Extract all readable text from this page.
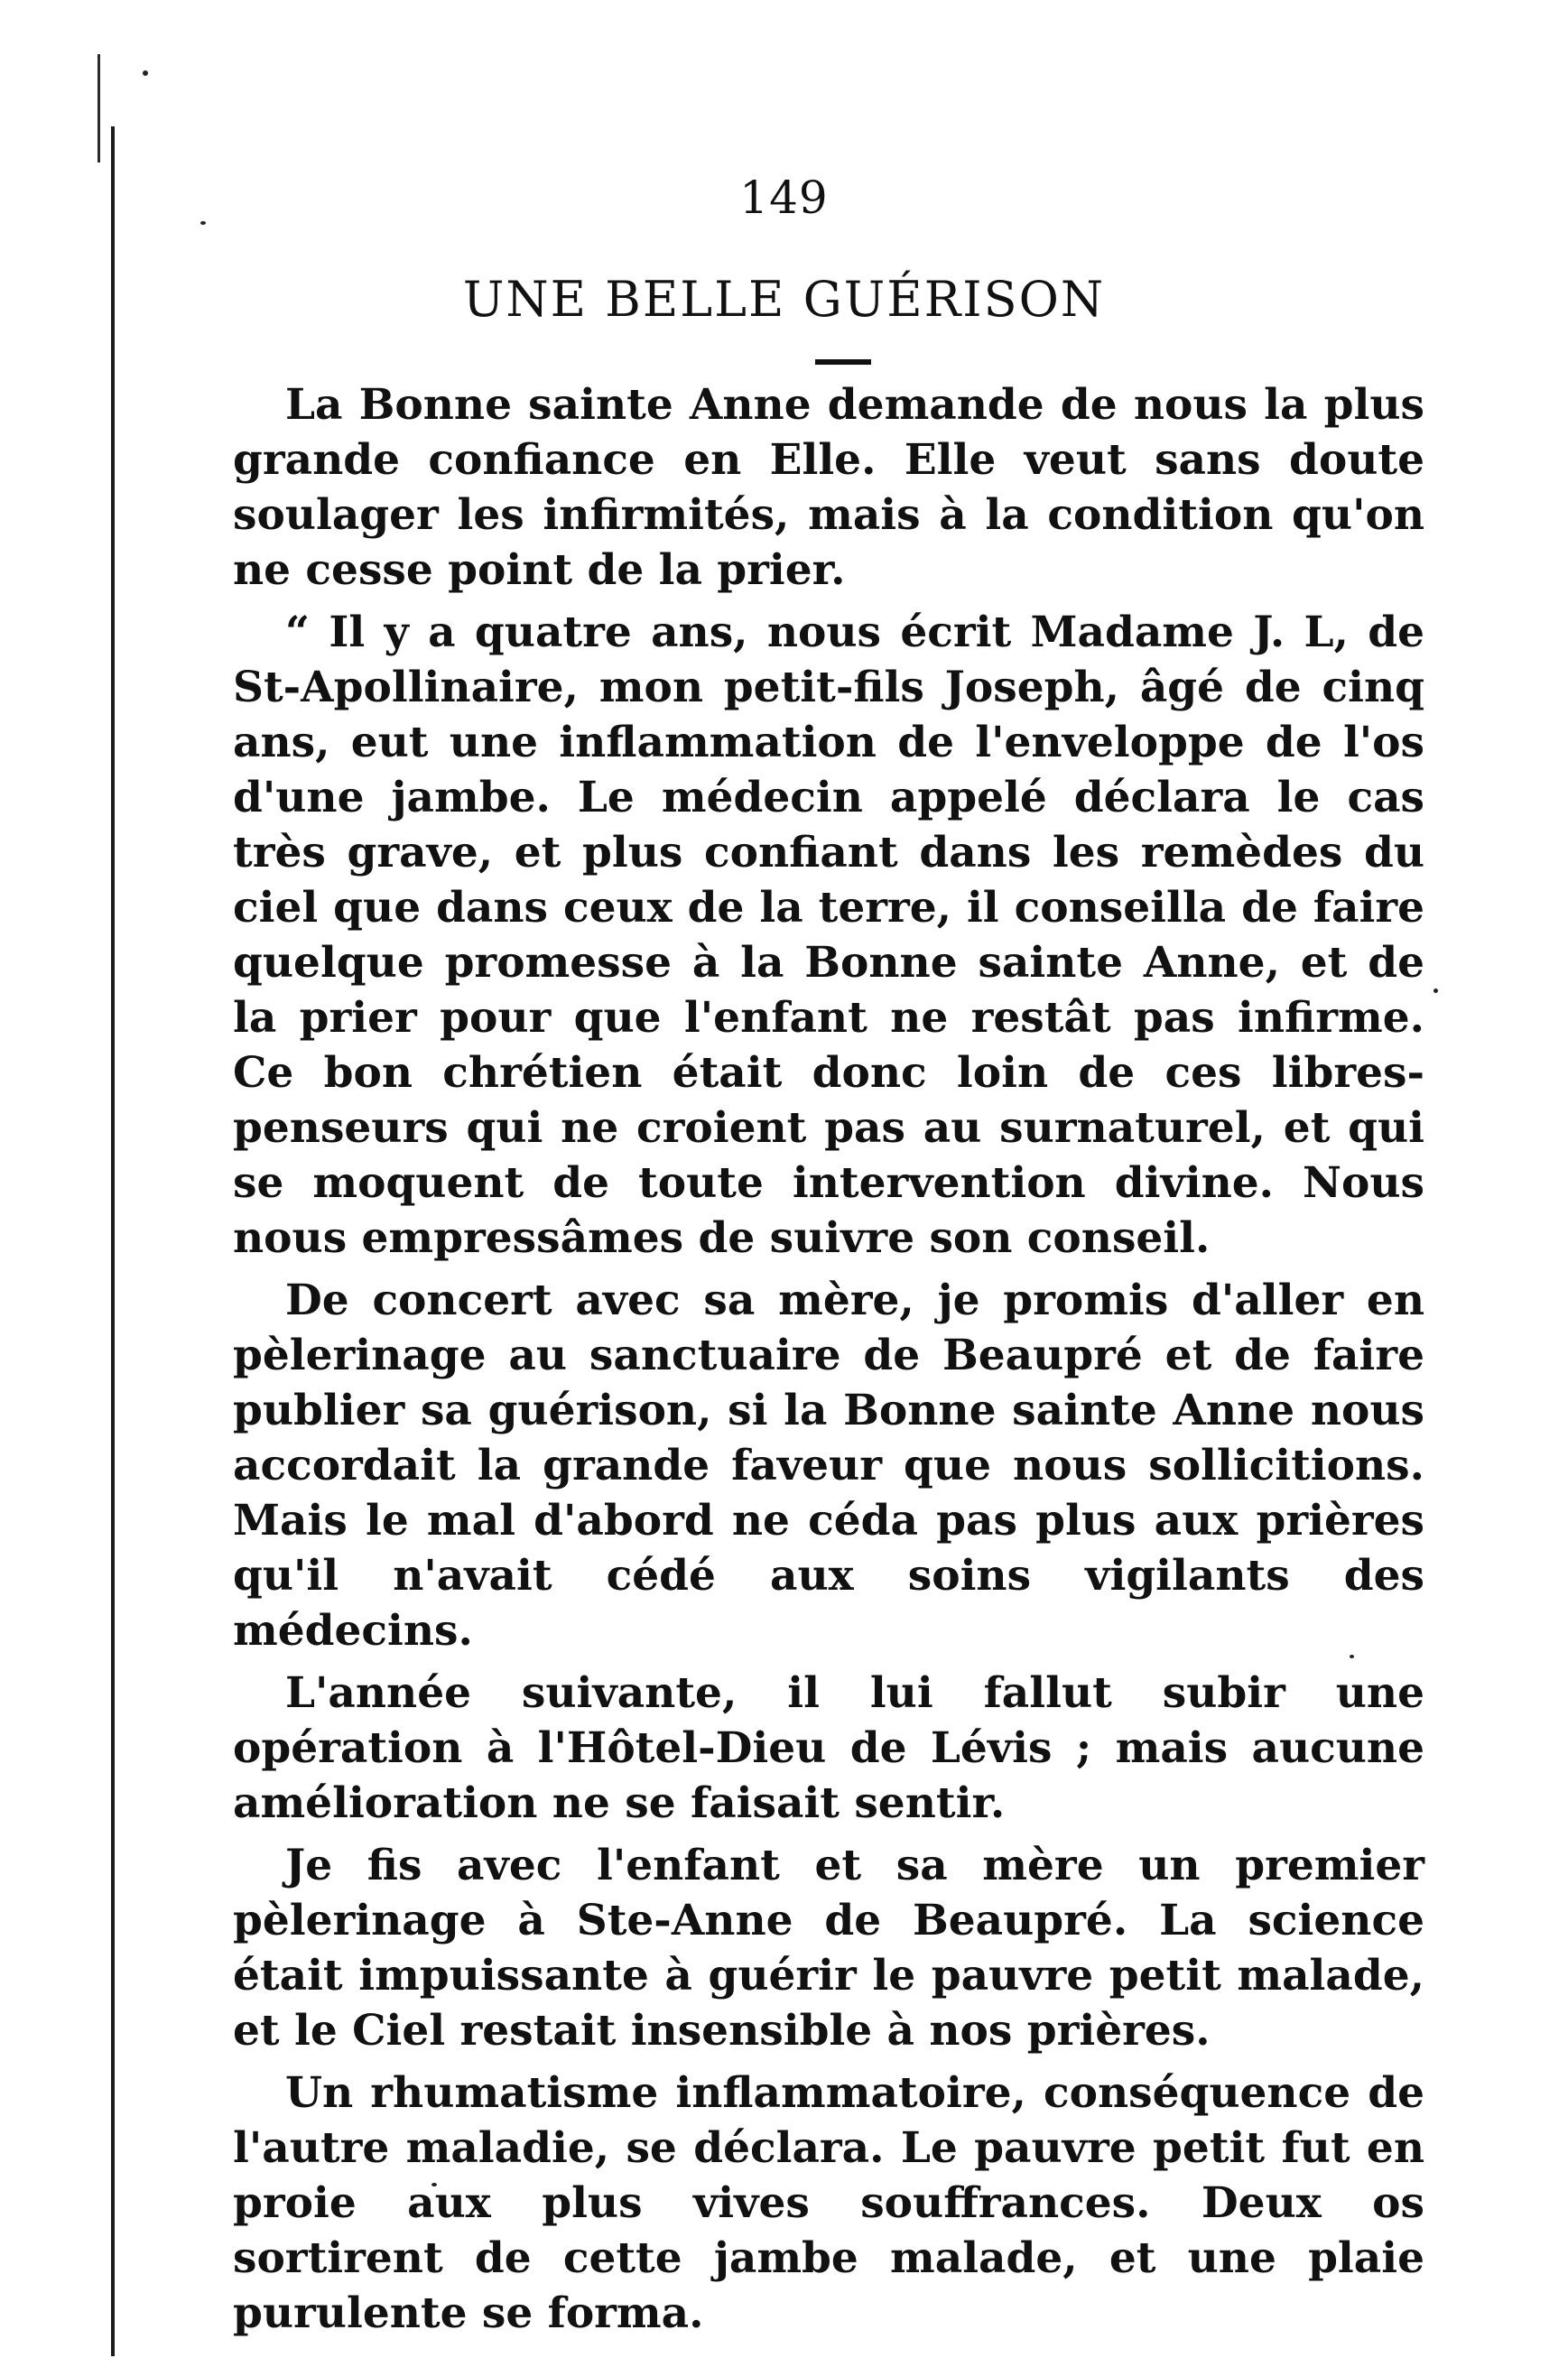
149
UNE BELLE GUÉRISON

La Bonne sainte Anne demande de nous la plus grande confiance en Elle. Elle veut sans doute soulager les infirmités, mais à la condition qu'on ne cesse point de la prier.

“ Il y a quatre ans, nous écrit Madame J. L, de St-Apollinaire, mon petit-fils Joseph, âgé de cinq ans, eut une inflammation de l'enveloppe de l'os d'une jambe. Le médecin appelé déclara le cas très grave, et plus confiant dans les remèdes du ciel que dans ceux de la terre, il conseilla de faire quelque promesse à la Bonne sainte Anne, et de la prier pour que l'enfant ne restât pas infirme. Ce bon chrétien était donc loin de ces libres-penseurs qui ne croient pas au surnaturel, et qui se moquent de toute intervention divine. Nous nous empressâmes de suivre son conseil.

De concert avec sa mère, je promis d'aller en pèlerinage au sanctuaire de Beaupré et de faire publier sa guérison, si la Bonne sainte Anne nous accordait la grande faveur que nous sollicitions. Mais le mal d'abord ne céda pas plus aux prières qu'il n'avait cédé aux soins vigilants des médecins.

L'année suivante, il lui fallut subir une opération à l'Hôtel-Dieu de Lévis ; mais aucune amélioration ne se faisait sentir.

Je fis avec l'enfant et sa mère un premier pèlerinage à Ste-Anne de Beaupré. La science était impuissante à guérir le pauvre petit malade, et le Ciel restait insensible à nos prières.

Un rhumatisme inflammatoire, conséquence de l'autre maladie, se déclara. Le pauvre petit fut en proie aux plus vives souffrances. Deux os sortirent de cette jambe malade, et une plaie purulente se forma.
